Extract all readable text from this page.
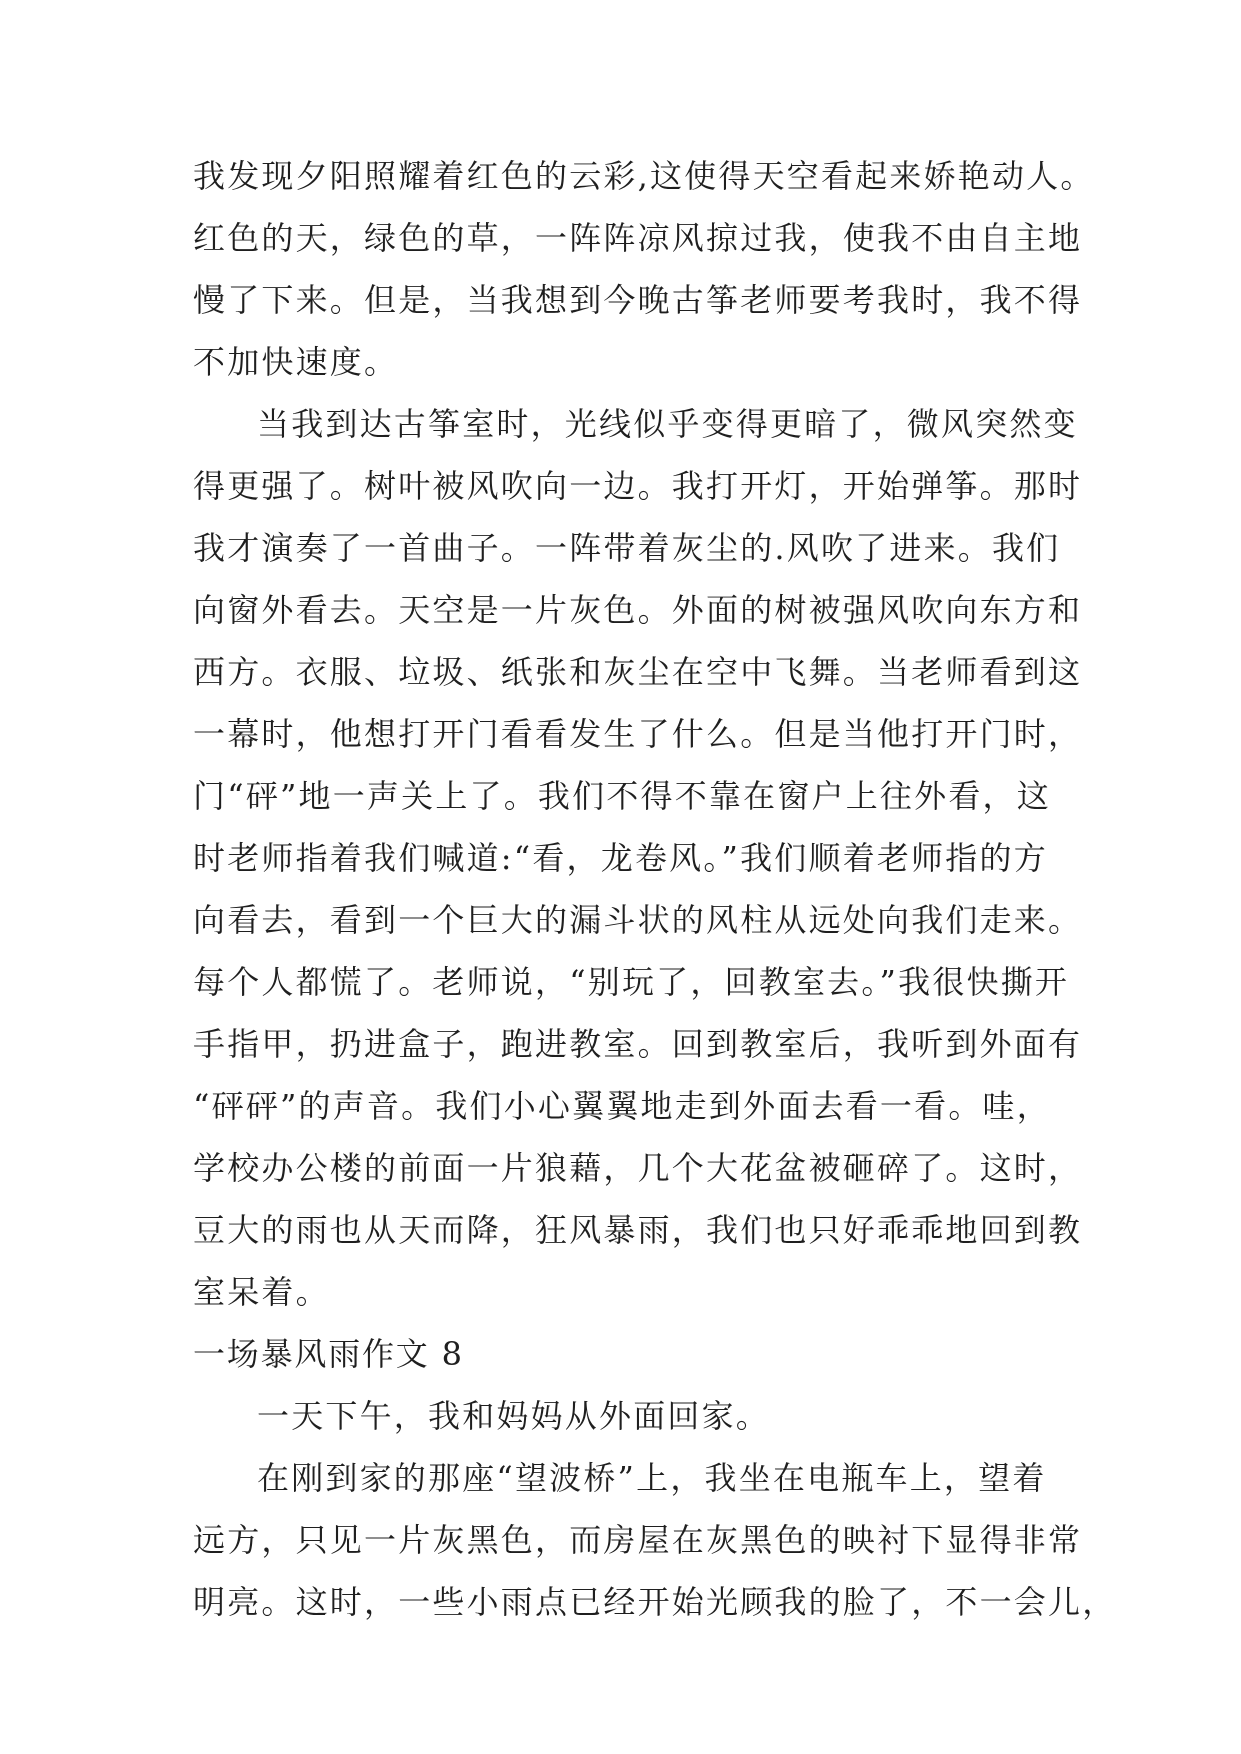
我发现夕阳照耀着红色的云彩,这使得天空看起来娇艳动人。
红色的天，绿色的草，一阵阵凉风掠过我，使我不由自主地
慢了下来。但是，当我想到今晚古筝老师要考我时，我不得
不加快速度。
当我到达古筝室时，光线似乎变得更暗了，微风突然变
得更强了。树叶被风吹向一边。我打开灯，开始弹筝。那时
我才演奏了一首曲子。一阵带着灰尘的.风吹了进来。我们
向窗外看去。天空是一片灰色。外面的树被强风吹向东方和
西方。衣服、垃圾、纸张和灰尘在空中飞舞。当老师看到这
一幕时，他想打开门看看发生了什么。但是当他打开门时，
门“砰”地一声关上了。我们不得不靠在窗户上往外看，这
时老师指着我们喊道:“看，龙卷风。”我们顺着老师指的方
向看去，看到一个巨大的漏斗状的风柱从远处向我们走来。
每个人都慌了。老师说，“别玩了，回教室去。”我很快撕开
手指甲，扔进盒子，跑进教室。回到教室后，我听到外面有
“砰砰”的声音。我们小心翼翼地走到外面去看一看。哇，
学校办公楼的前面一片狼藉，几个大花盆被砸碎了。这时，
豆大的雨也从天而降，狂风暴雨，我们也只好乖乖地回到教
室呆着。
一场暴风雨作文 8
一天下午，我和妈妈从外面回家。
在刚到家的那座“望波桥”上，我坐在电瓶车上，望着
远方，只见一片灰黑色，而房屋在灰黑色的映衬下显得非常
明亮。这时，一些小雨点已经开始光顾我的脸了，不一会儿，
